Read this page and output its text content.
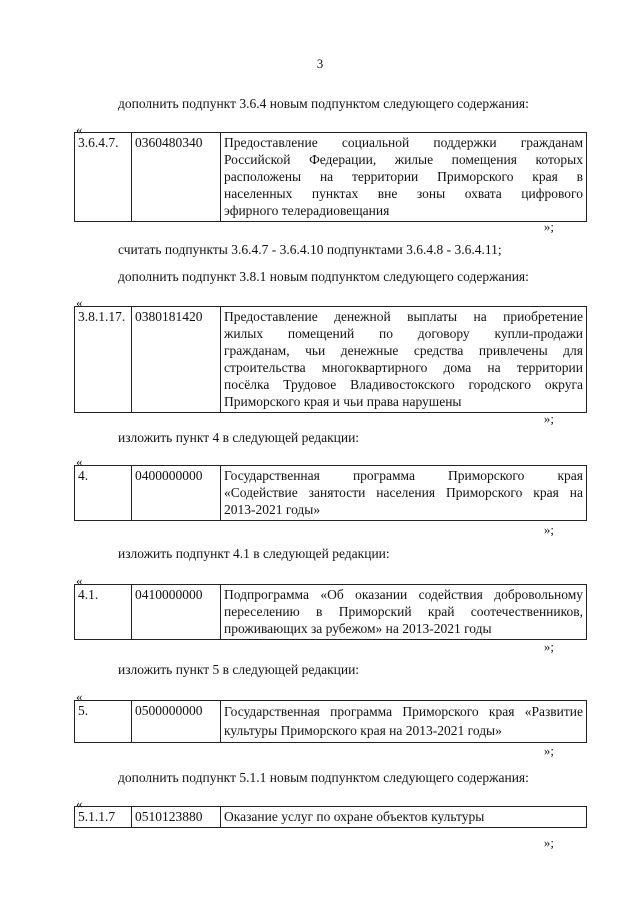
3
дополнить подпункт 3.6.4 новым подпунктом следующего содержания:
«
3.6.4.7.	0360480340	Предоставление социальной поддержки гражданам
Российской Федерации, жилые помещения которых
расположены на территории Приморского края в
населенных пунктах вне зоны охвата цифрового
эфирного телерадиовещания
»;
считать подпункты 3.6.4.7 - 3.6.4.10 подпунктами 3.6.4.8 - 3.6.4.11;
дополнить подпункт 3.8.1 новым подпунктом следующего содержания:
«
3.8.1.17.	0380181420	Предоставление денежной выплаты на приобретение
жилых помещений по договору купли-продажи
гражданам, чьи денежные средства привлечены для
строительства многоквартирного дома на территории
посёлка Трудовое Владивостокского городского округа
Приморского края и чьи права нарушены
»;
изложить пункт 4 в следующей редакции:
«
4.	0400000000	Государственная программа Приморского края
«Содействие занятости населения Приморского края на
2013-2021 годы»
»;
изложить подпункт 4.1 в следующей редакции:
«
4.1.	0410000000	Подпрограмма «Об оказании содействия добровольному
переселению в Приморский край соотечественников,
проживающих за рубежом» на 2013-2021 годы
»;
изложить пункт 5 в следующей редакции:
«
5.	0500000000	Государственная программа Приморского края «Развитие
культуры Приморского края на 2013-2021 годы»
»;
дополнить подпункт 5.1.1 новым подпунктом следующего содержания:
«
5.1.1.7	0510123880	Оказание услуг по охране объектов культуры
»;
